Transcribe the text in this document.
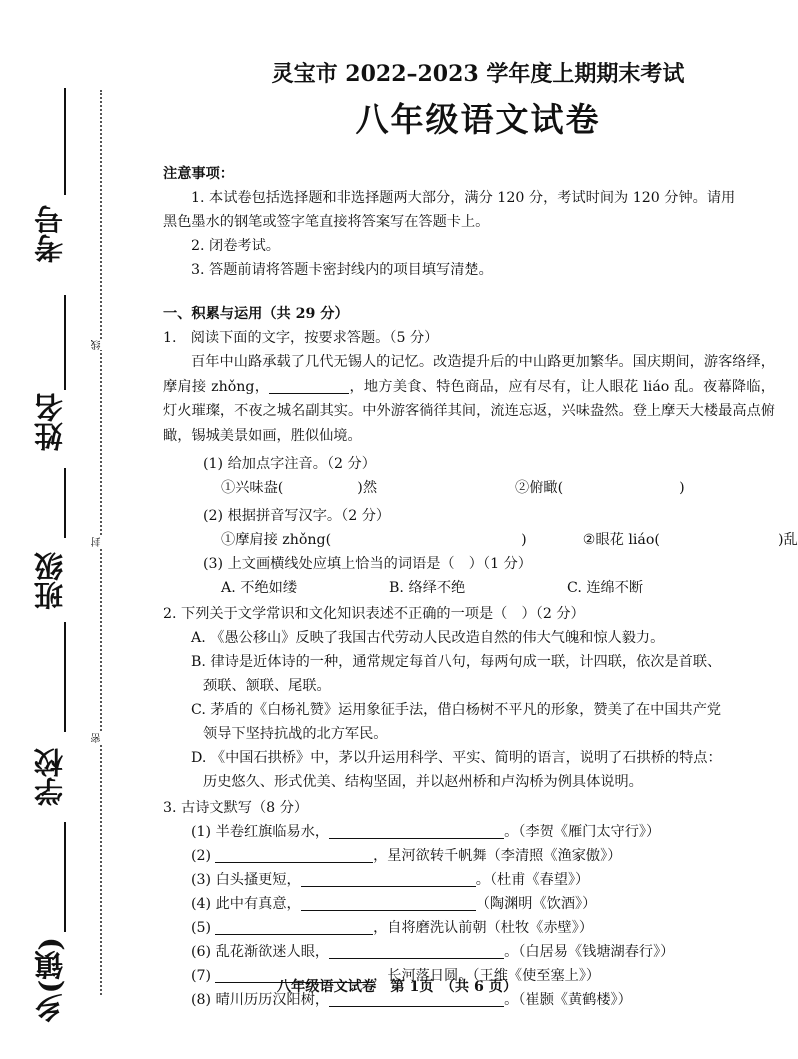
考号
姓名
班级
学校
乡(镇)
线
封
密
灵宝市 2022–2023 学年度上期期末考试
八年级语文试卷
注意事项：
1. 本试卷包括选择题和非选择题两大部分，满分 120 分，考试时间为 120 分钟。请用
黑色墨水的钢笔或签字笔直接将答案写在答题卡上。
2. 闭卷考试。
3. 答题前请将答题卡密封线内的项目填写清楚。
一、积累与运用（共 29 分）
1.　阅读下面的文字，按要求答题。（5 分）
百年中山路承载了几代无锡人的记忆。改造提升后的中山路更加繁华。国庆期间，游客络绎，摩肩接 zhǒng，	，地方美食、特色商品，应有尽有，让人眼花 liáo 乱。夜幕降临，灯火璀璨，不夜之城名副其实。中外游客徜徉其间，流连忘返，兴味盎然。登上摩天大楼最高点俯瞰，锡城美景如画，胜似仙境。
(1) 给加点字注音。（2 分）
①兴味盎(	)然	②俯瞰(	)
(2) 根据拼音写汉字。（2 分）
①摩肩接 zhǒng(	)	②眼花 liáo(	)乱
(3) 上文画横线处应填上恰当的词语是（　）（1 分）
A. 不绝如缕	B. 络绎不绝	C. 连绵不断
2. 下列关于文学常识和文化知识表述不正确的一项是（　）（2 分）
A. 《愚公移山》反映了我国古代劳动人民改造自然的伟大气魄和惊人毅力。
B. 律诗是近体诗的一种，通常规定每首八句，每两句成一联，计四联，依次是首联、
颈联、颔联、尾联。
C. 茅盾的《白杨礼赞》运用象征手法，借白杨树不平凡的形象，赞美了在中国共产党
领导下坚持抗战的北方军民。
D. 《中国石拱桥》中，茅以升运用科学、平实、简明的语言，说明了石拱桥的特点：
历史悠久、形式优美、结构坚固，并以赵州桥和卢沟桥为例具体说明。
3. 古诗文默写（8 分）
(1) 半卷红旗临易水，	。（李贺《雁门太守行》）
(2)	，星河欲转千帆舞（李清照《渔家傲》）
(3) 白头搔更短，	。（杜甫《春望》）
(4) 此中有真意，	（陶渊明《饮酒》）
(5)	，自将磨洗认前朝（杜牧《赤壁》）
(6) 乱花渐欲迷人眼，	。（白居易《钱塘湖春行》）
(7)	，长河落日圆。（王维《使至塞上》）
(8) 晴川历历汉阳树，	。（崔颢《黄鹤楼》）
八年级语文试卷　第 1页　（共 6 页）
